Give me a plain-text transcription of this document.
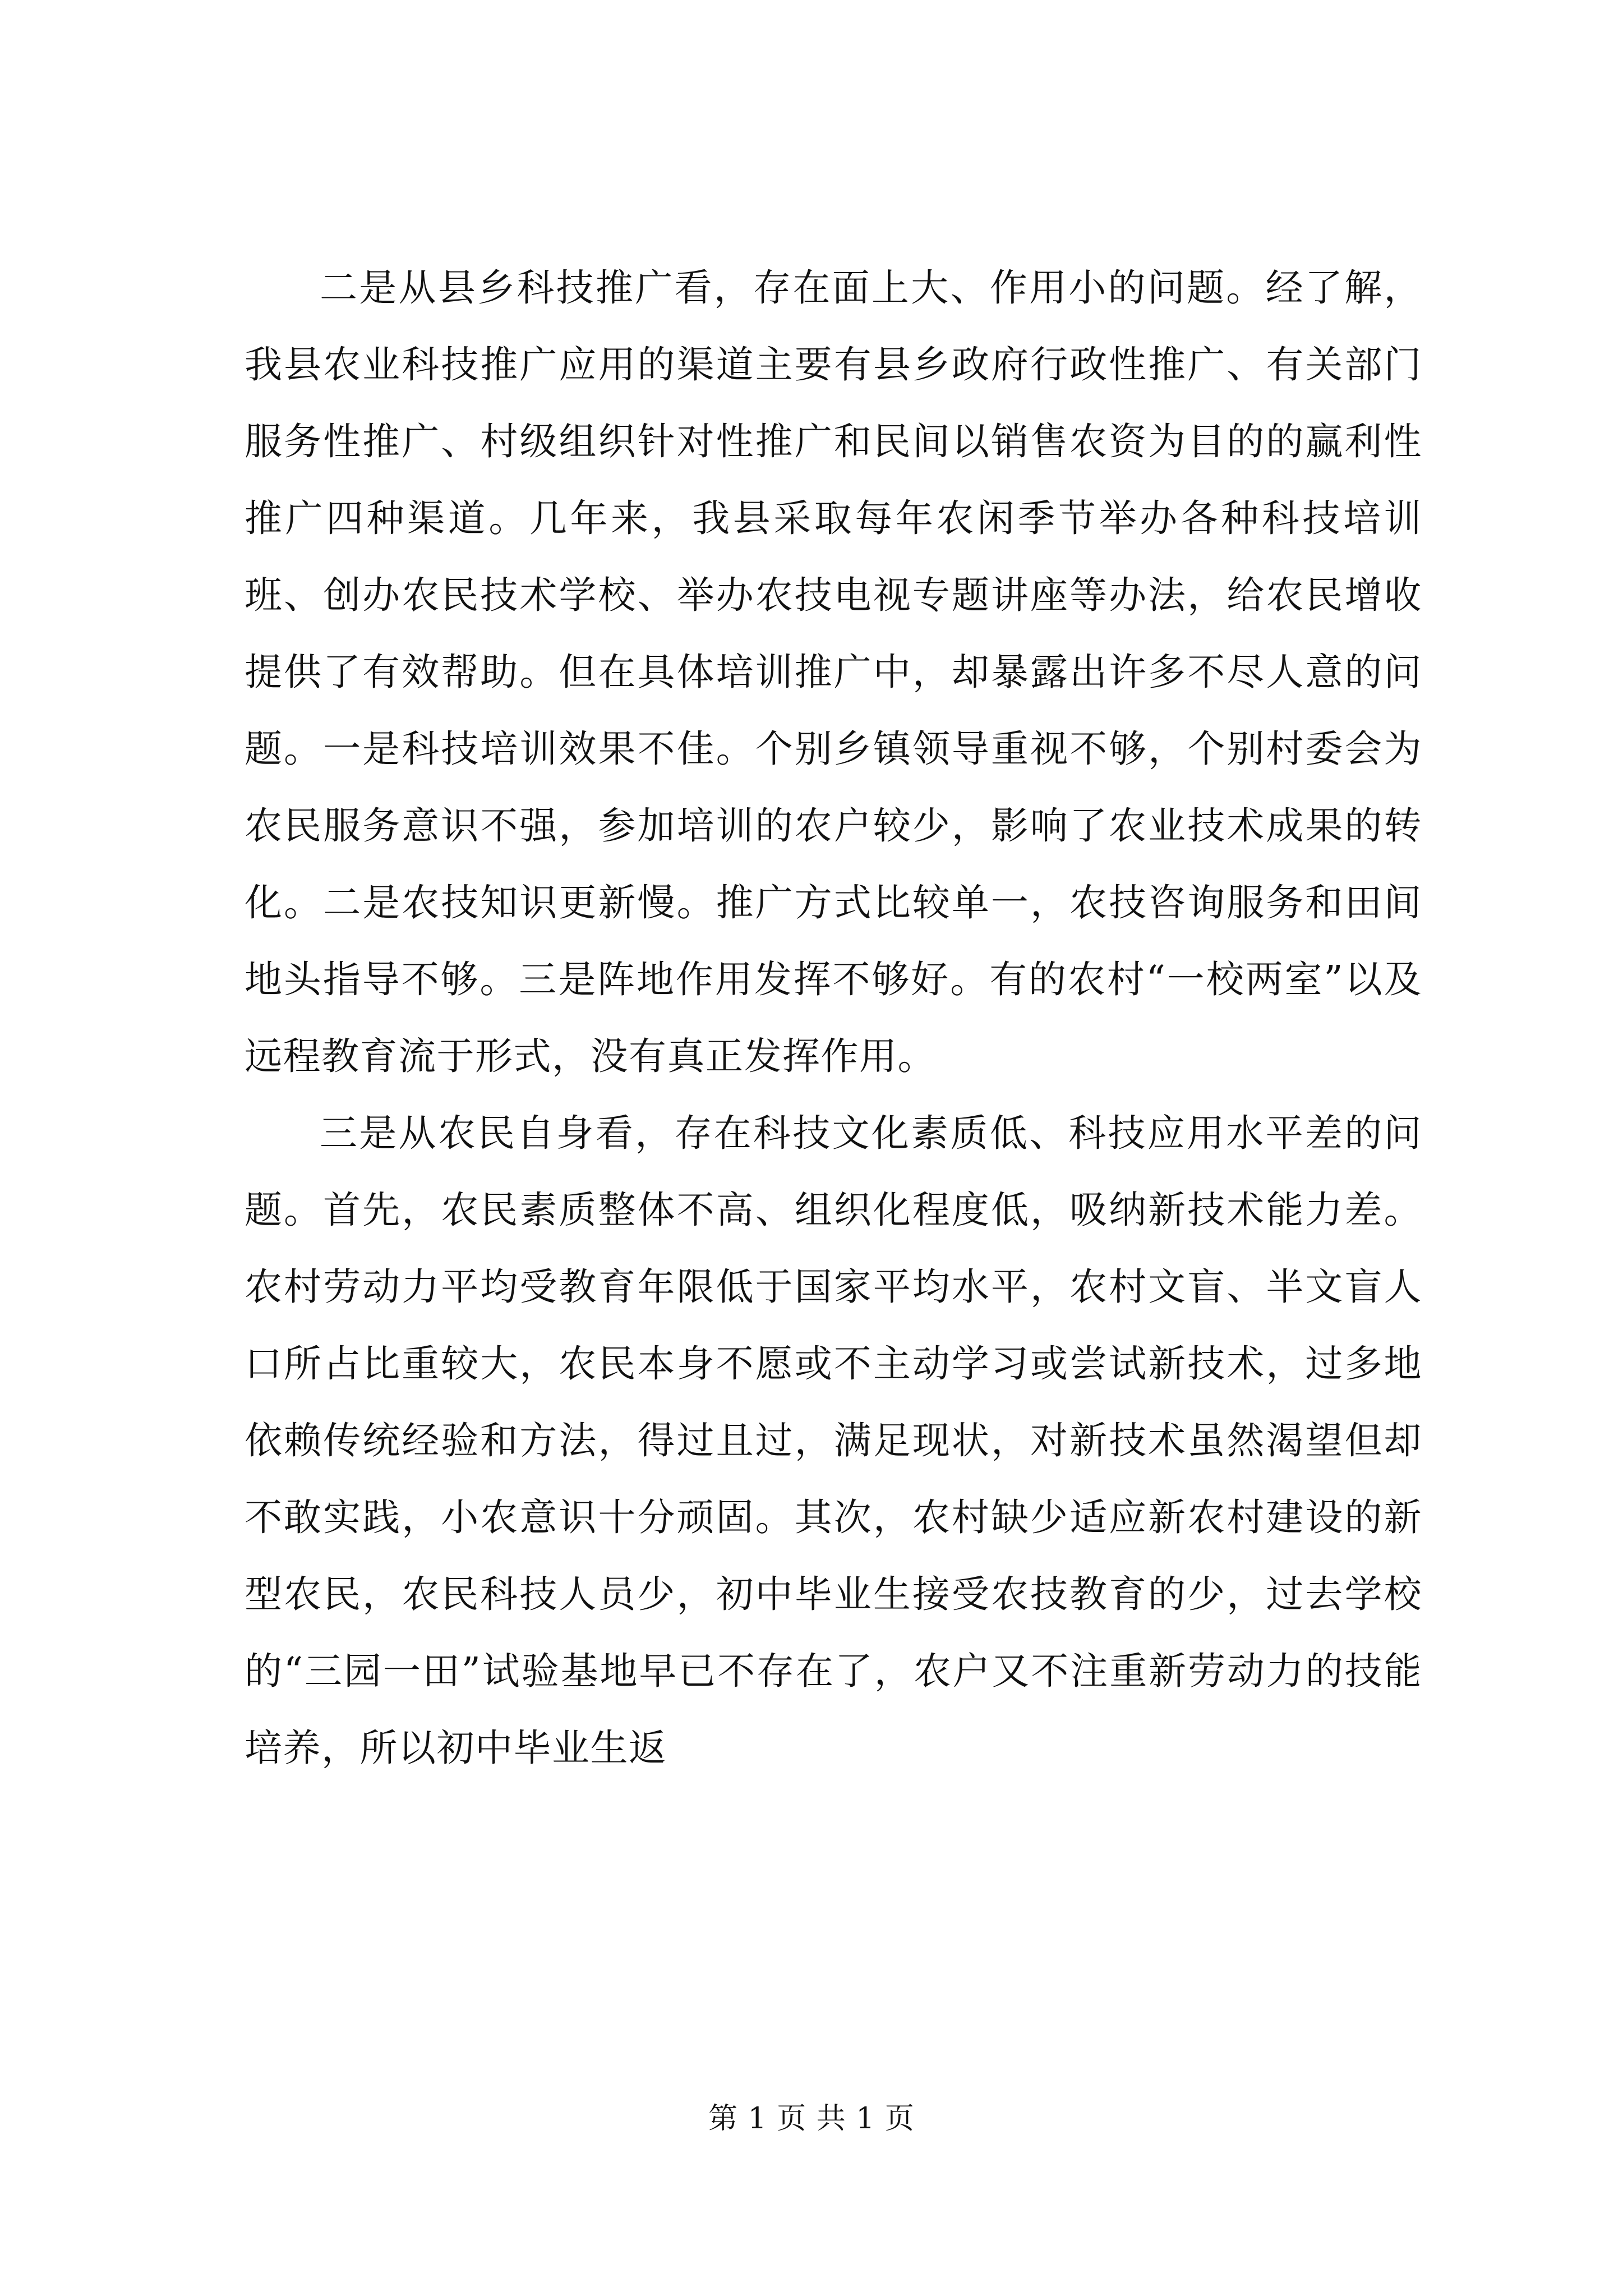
二是从县乡科技推广看，存在面上大、作用小的问题。经了解，我县农业科技推广应用的渠道主要有县乡政府行政性推广、有关部门服务性推广、村级组织针对性推广和民间以销售农资为目的的赢利性推广四种渠道。几年来，我县采取每年农闲季节举办各种科技培训班、创办农民技术学校、举办农技电视专题讲座等办法，给农民增收提供了有效帮助。但在具体培训推广中，却暴露出许多不尽人意的问题。一是科技培训效果不佳。个别乡镇领导重视不够，个别村委会为农民服务意识不强，参加培训的农户较少，影响了农业技术成果的转化。二是农技知识更新慢。推广方式比较单一，农技咨询服务和田间地头指导不够。三是阵地作用发挥不够好。有的农村“一校两室”以及远程教育流于形式，没有真正发挥作用。

三是从农民自身看，存在科技文化素质低、科技应用水平差的问题。首先，农民素质整体不高、组织化程度低，吸纳新技术能力差。农村劳动力平均受教育年限低于国家平均水平，农村文盲、半文盲人口所占比重较大，农民本身不愿或不主动学习或尝试新技术，过多地依赖传统经验和方法，得过且过，满足现状，对新技术虽然渴望但却不敢实践，小农意识十分顽固。其次，农村缺少适应新农村建设的新型农民，农民科技人员少，初中毕业生接受农技教育的少，过去学校的“三园一田”试验基地早已不存在了，农户又不注重新劳动力的技能培养，所以初中毕业生返

第 1 页 共 1 页
